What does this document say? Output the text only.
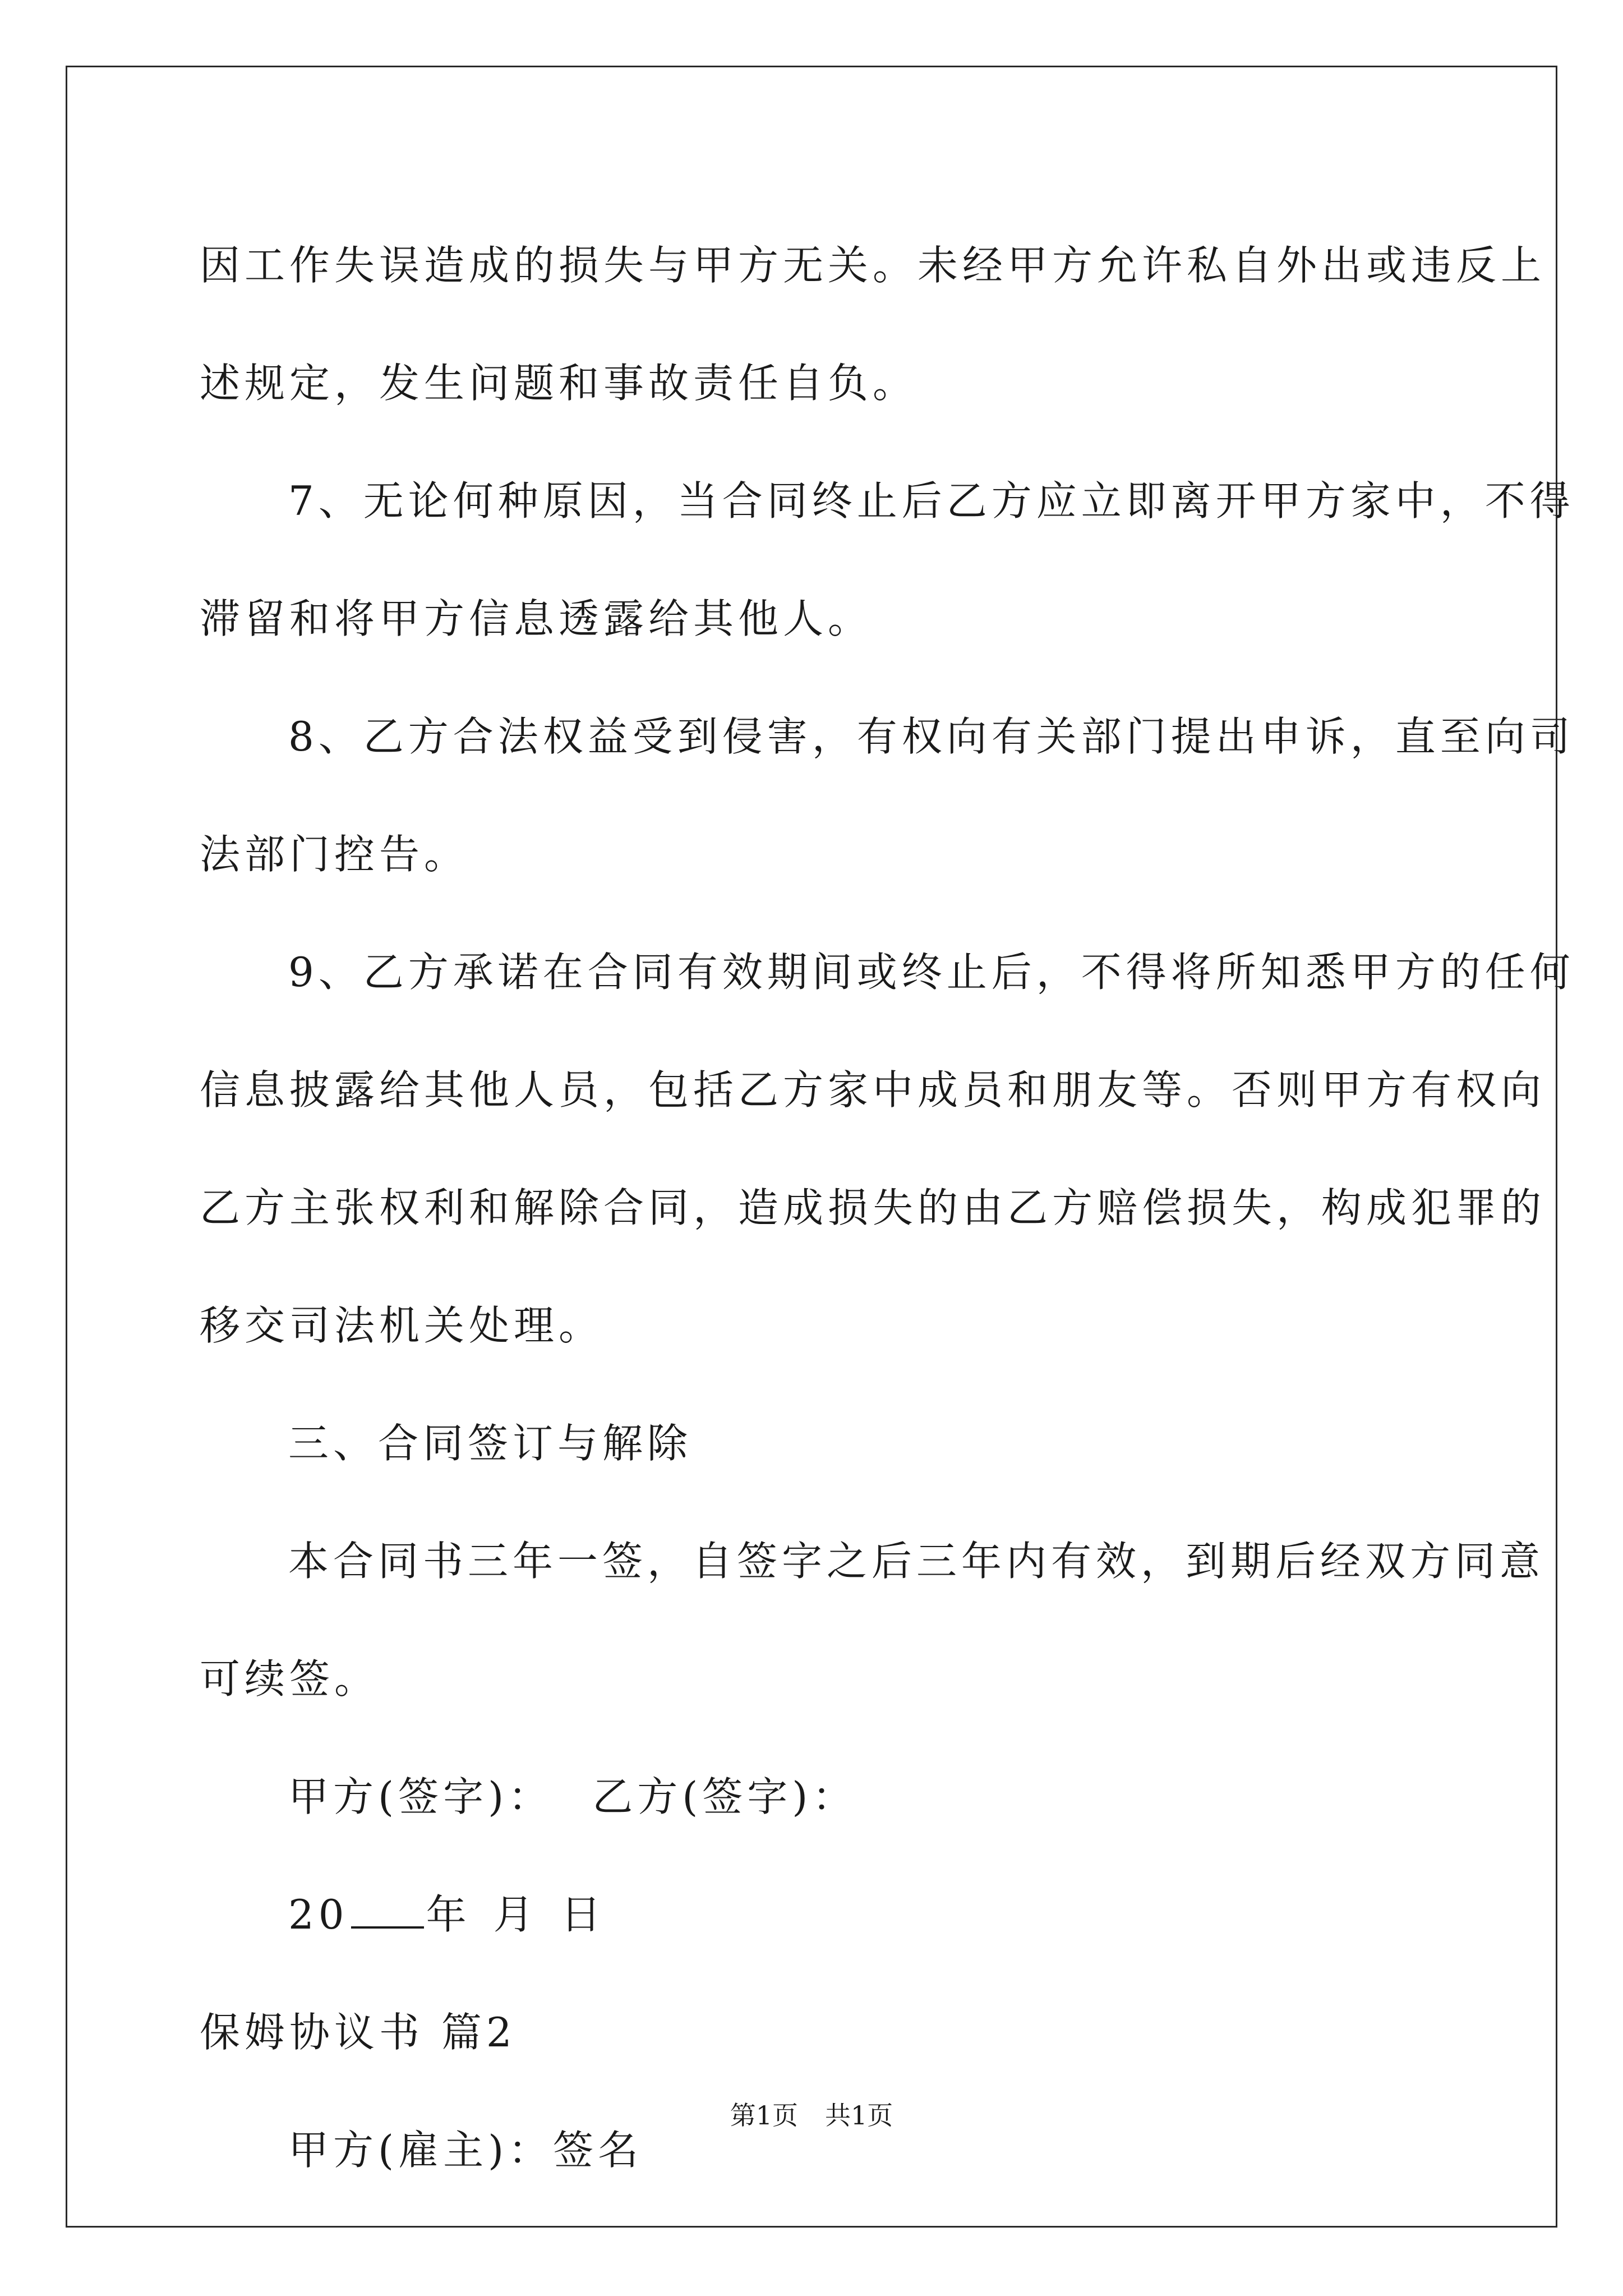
因工作失误造成的损失与甲方无关。未经甲方允许私自外出或违反上
述规定，发生问题和事故责任自负。

7、无论何种原因，当合同终止后乙方应立即离开甲方家中，不得
滞留和将甲方信息透露给其他人。

8、乙方合法权益受到侵害，有权向有关部门提出申诉，直至向司
法部门控告。

9、乙方承诺在合同有效期间或终止后，不得将所知悉甲方的任何
信息披露给其他人员，包括乙方家中成员和朋友等。否则甲方有权向
乙方主张权利和解除合同，造成损失的由乙方赔偿损失，构成犯罪的
移交司法机关处理。

三、合同签订与解除

本合同书三年一签，自签字之后三年内有效，到期后经双方同意
可续签。

甲方(签字)： 乙方(签字)：

20 年 月 日

保姆协议书 篇2

甲方(雇主)：签名

第1页 共1页
